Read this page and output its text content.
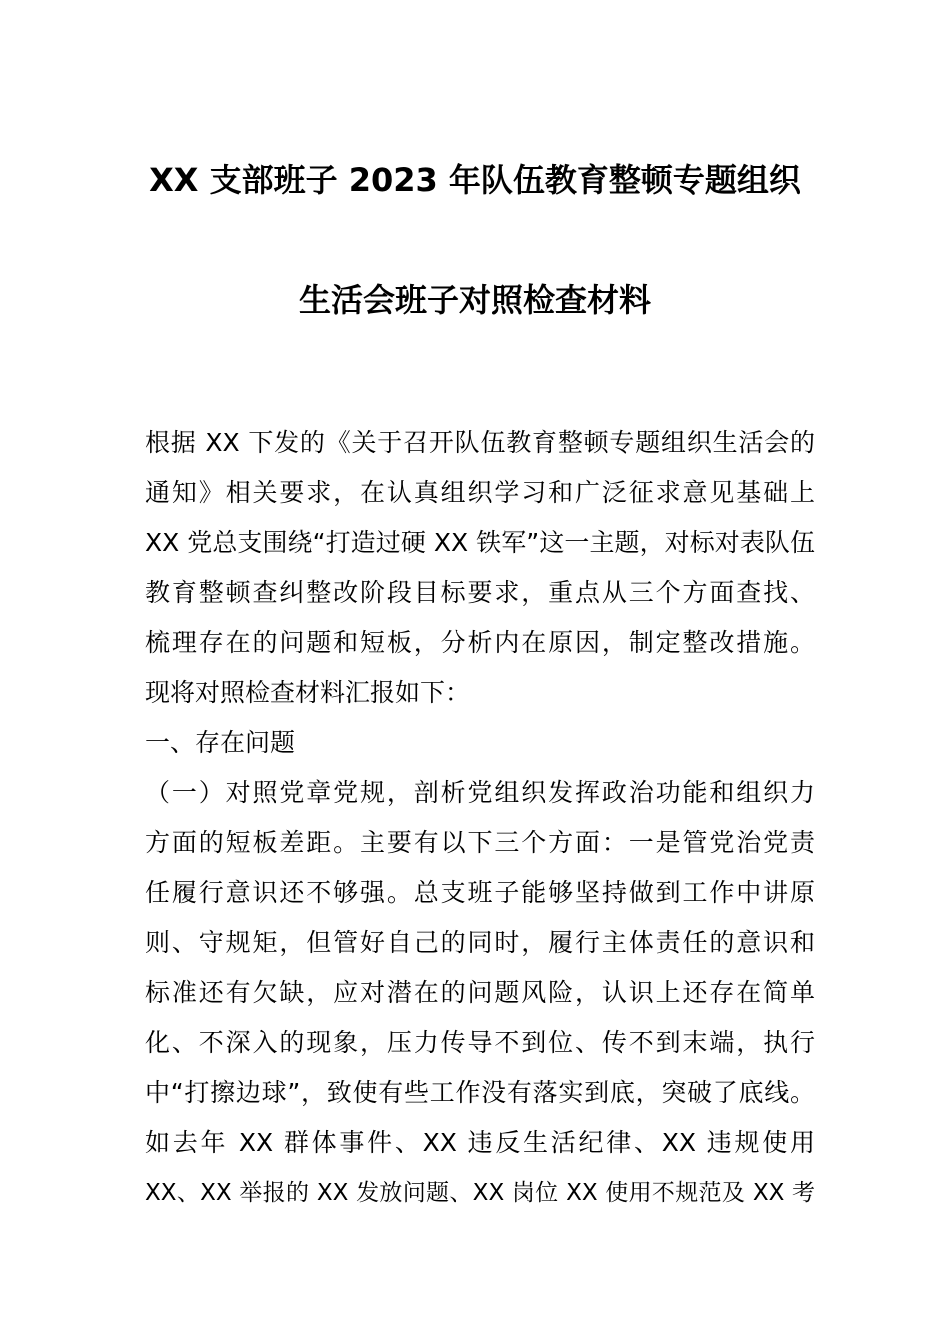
XX 支部班子 2023 年队伍教育整顿专题组织
生活会班子对照检查材料
根据 XX 下发的《关于召开队伍教育整顿专题组织生活会的
通知》相关要求，在认真组织学习和广泛征求意见基础上
XX 党总支围绕“打造过硬 XX 铁军”这一主题，对标对表队伍
教育整顿查纠整改阶段目标要求，重点从三个方面查找、
梳理存在的问题和短板，分析内在原因，制定整改措施。
现将对照检查材料汇报如下：
一、存在问题
（一）对照党章党规，剖析党组织发挥政治功能和组织力
方面的短板差距。主要有以下三个方面：一是管党治党责
任履行意识还不够强。总支班子能够坚持做到工作中讲原
则、守规矩，但管好自己的同时，履行主体责任的意识和
标准还有欠缺，应对潜在的问题风险，认识上还存在简单
化、不深入的现象，压力传导不到位、传不到末端，执行
中“打擦边球”，致使有些工作没有落实到底，突破了底线。
如去年 XX 群体事件、XX 违反生活纪律、XX 违规使用
XX、XX 举报的 XX 发放问题、XX 岗位 XX 使用不规范及 XX 考
